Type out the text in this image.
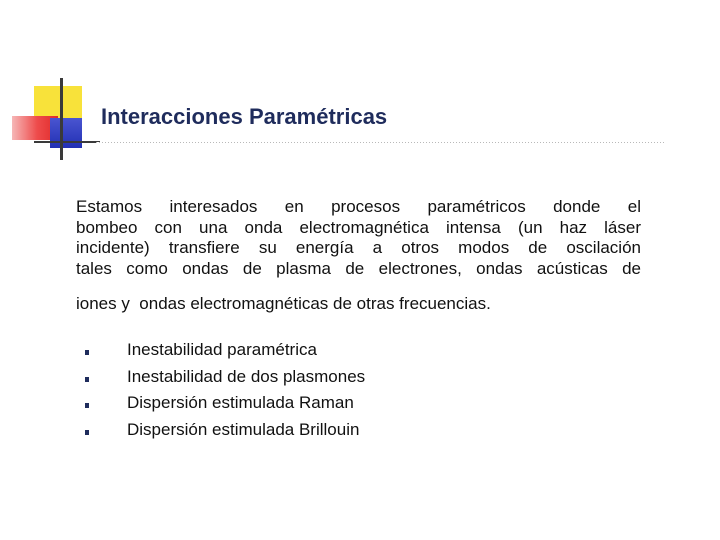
Interacciones Paramétricas
Estamos interesados en procesos paramétricos donde el
bombeo con una onda electromagnética intensa (un haz láser
incidente) transfiere su energía a otros modos de oscilación
tales como ondas de plasma de electrones, ondas acústicas de
iones y  ondas electromagnéticas de otras frecuencias.
Inestabilidad paramétrica
Inestabilidad de dos plasmones
Dispersión estimulada Raman
Dispersión estimulada Brillouin
